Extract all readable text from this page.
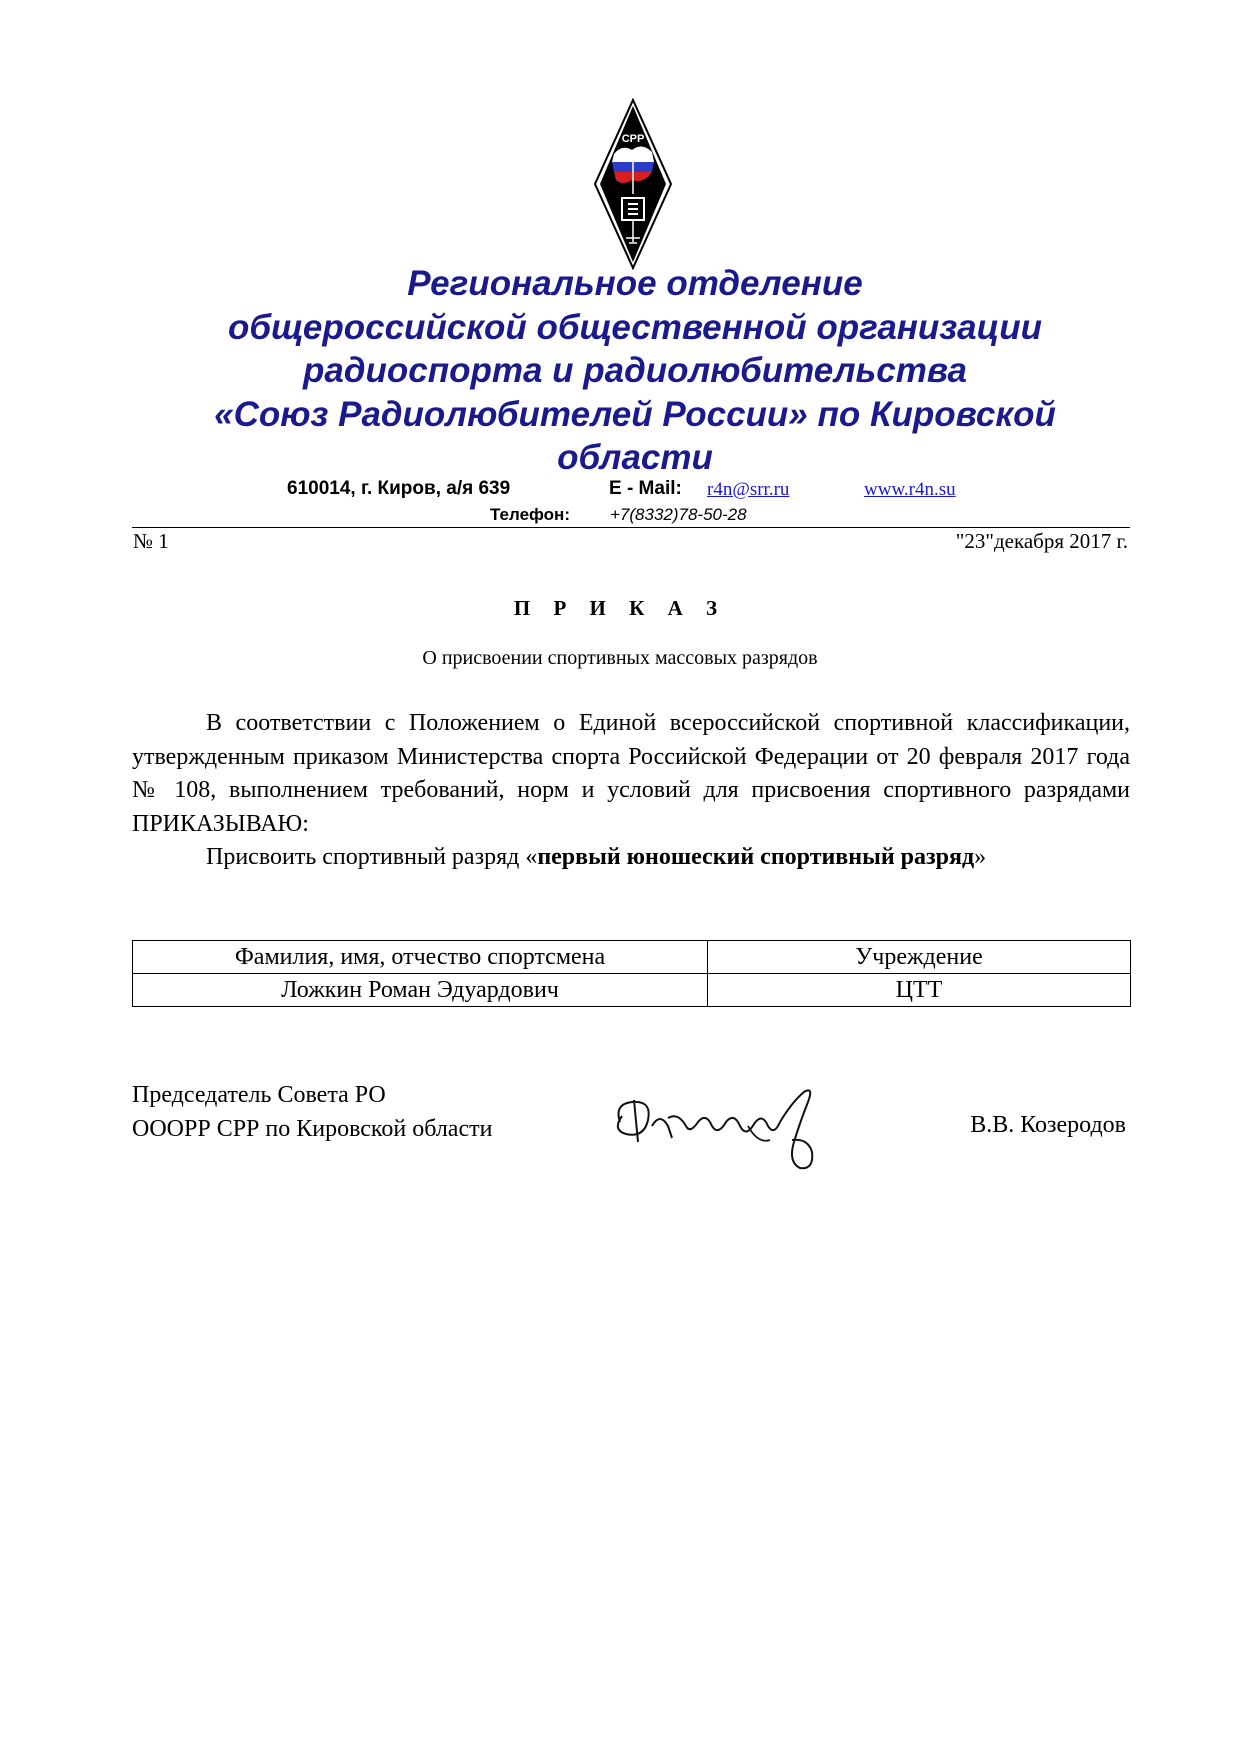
СРР
Региональное отделение
общероссийской общественной организации
радиоспорта и радиолюбительства
«Союз Радиолюбителей России» по Кировской
области
610014, г. Киров, а/я 639	E - Mail: r4n@srr.ru	www.r4n.su
Телефон: +7(8332)78-50-28
№ 1	"23"декабря 2017 г.
П Р И К А З
О присвоении спортивных массовых разрядов

В соответствии с Положением о Единой всероссийской спортивной классификации, утвержденным приказом Министерства спорта Российской Федерации от 20 февраля 2017 года № 108, выполнением требований, норм и условий для присвоения спортивного разрядами ПРИКАЗЫВАЮ:

Присвоить спортивный разряд «первый юношеский спортивный разряд»

Фамилия, имя, отчество спортсмена	Учреждение
Ложкин Роман Эдуардович	ЦТТ
Председатель Совета РО
ОООРР СРР по Кировской области	В.В. Козеродов
